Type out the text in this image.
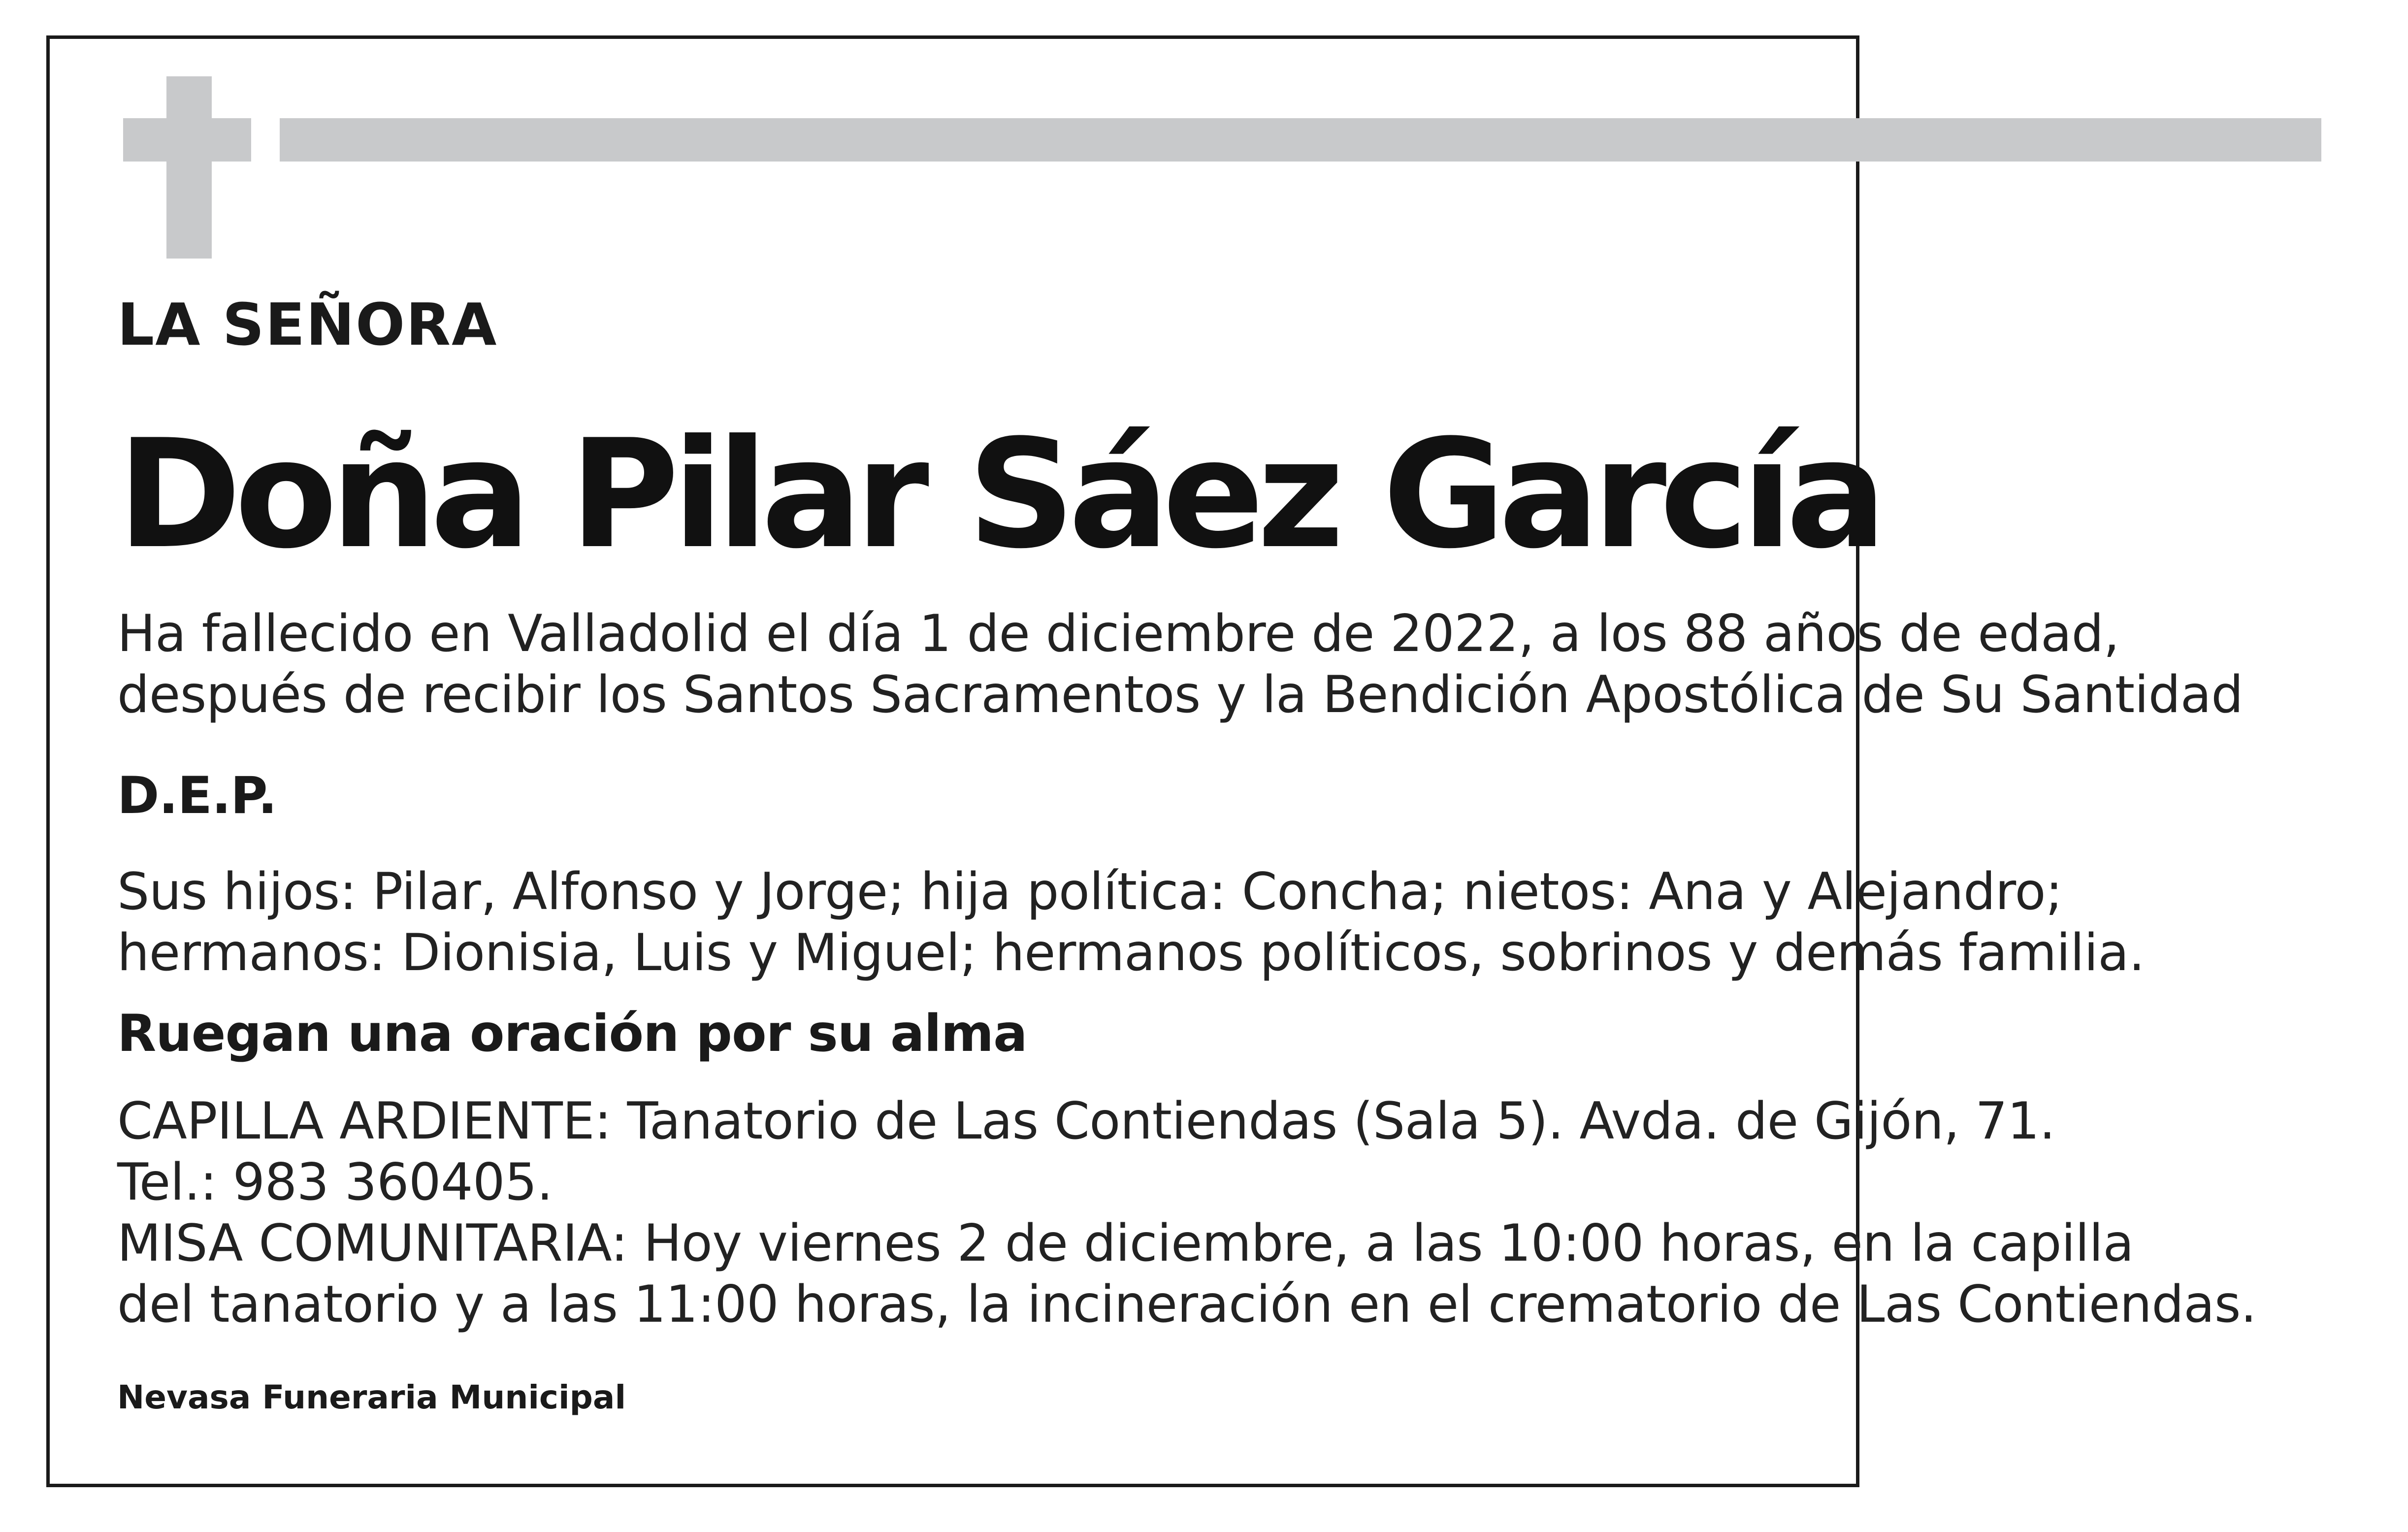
LA SEÑORA

Doña Pilar Sáez García

Ha fallecido en Valladolid el día 1 de diciembre de 2022, a los 88 años de edad,

después de recibir los Santos Sacramentos y la Bendición Apostólica de Su Santidad

D.E.P.

Sus hijos: Pilar, Alfonso y Jorge; hija política: Concha; nietos: Ana y Alejandro;

hermanos: Dionisia, Luis y Miguel; hermanos políticos, sobrinos y demás familia.

Ruegan una oración por su alma

CAPILLA ARDIENTE: Tanatorio de Las Contiendas (Sala 5). Avda. de Gijón, 71.

Tel.: 983 360405.

MISA COMUNITARIA: Hoy viernes 2 de diciembre, a las 10:00 horas, en la capilla

del tanatorio y a las 11:00 horas, la incineración en el crematorio de Las Contiendas.

Nevasa Funeraria Municipal
